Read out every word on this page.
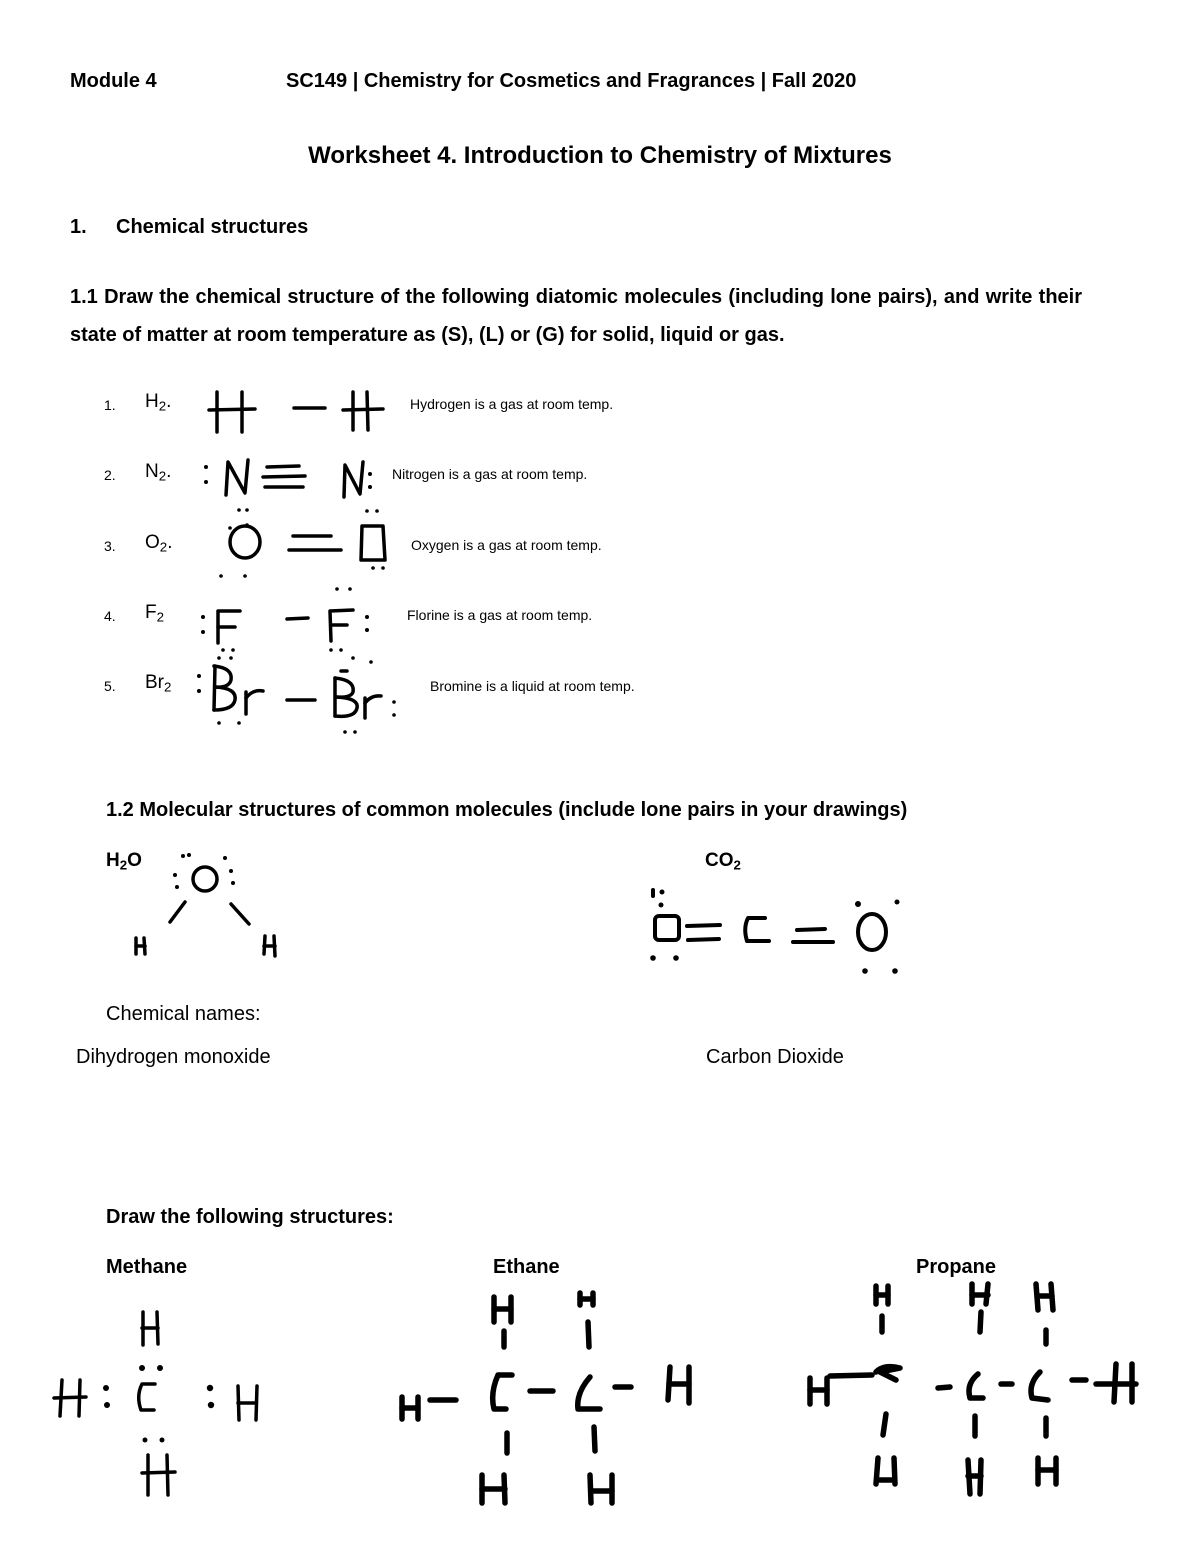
Module 4	SC149 | Chemistry for Cosmetics and Fragrances | Fall 2020
Worksheet 4. Introduction to Chemistry of Mixtures
1. Chemical structures
1.1 Draw the chemical structure of the following diatomic molecules (including lone pairs), and write their state of matter at room temperature as (S), (L) or (G) for solid, liquid or gas.
1. $H_2$.	Hydrogen is a gas at room temp.
2. $N_2$.	Nitrogen is a gas at room temp.
3. $O_2$.	Oxygen is a gas at room temp.
4. $F_2$	Florine is a gas at room temp.
5. $Br_2$	Bromine is a liquid at room temp.
1.2 Molecular structures of common molecules (include lone pairs in your drawings)
$H_2O$	$CO_2$
Chemical names:
Dihydrogen monoxide	Carbon Dioxide
Draw the following structures:
Methane	Ethane	Propane
